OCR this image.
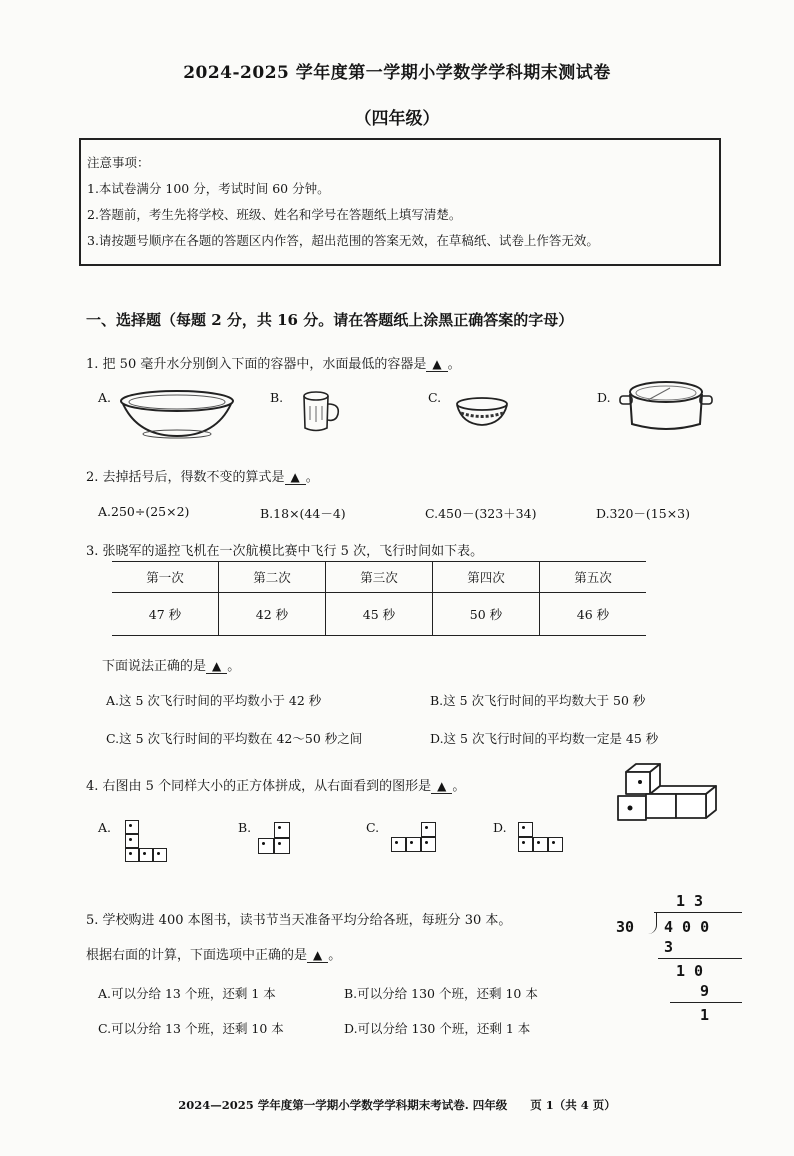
2024-2025 学年度第一学期小学数学学科期末测试卷
（四年级）
注意事项：
1.本试卷满分 100 分，考试时间 60 分钟。
2.答题前，考生先将学校、班级、姓名和学号在答题纸上填写清楚。
3.请按题号顺序在各题的答题区内作答，超出范围的答案无效，在草稿纸、试卷上作答无效。
一、选择题（每题 2 分，共 16 分。请在答题纸上涂黑正确答案的字母）
1. 把 50 毫升水分别倒入下面的容器中，水面最低的容器是 ▲ 。
A.	B.	C.	D.
2. 去掉括号后，得数不变的算式是 ▲ 。
A.250÷(25×2)	B.18×(44－4)	C.450－(323＋34)	D.320－(15×3)
3. 张晓军的遥控飞机在一次航模比赛中飞行 5 次，飞行时间如下表。
第一次	第二次	第三次	第四次	第五次
47 秒	42 秒	45 秒	50 秒	46 秒
下面说法正确的是 ▲ 。
A.这 5 次飞行时间的平均数小于 42 秒	B.这 5 次飞行时间的平均数大于 50 秒
C.这 5 次飞行时间的平均数在 42～50 秒之间	D.这 5 次飞行时间的平均数一定是 45 秒
4. 右图由 5 个同样大小的正方体拼成，从右面看到的图形是 ▲ 。
A.	B.	C.	D.
5. 学校购进 400 本图书，读书节当天准备平均分给各班，每班分 30 本。
根据右面的计算，下面选项中正确的是 ▲ 。
A.可以分给 13 个班，还剩 1 本	B.可以分给 130 个班，还剩 10 本
C.可以分给 13 个班，还剩 10 本	D.可以分给 130 个班，还剩 1 本
1 3
30 4 0 0
3
1 0
9
1
2024—2025 学年度第一学期小学数学学科期末考试卷. 四年级　　页 1（共 4 页）
